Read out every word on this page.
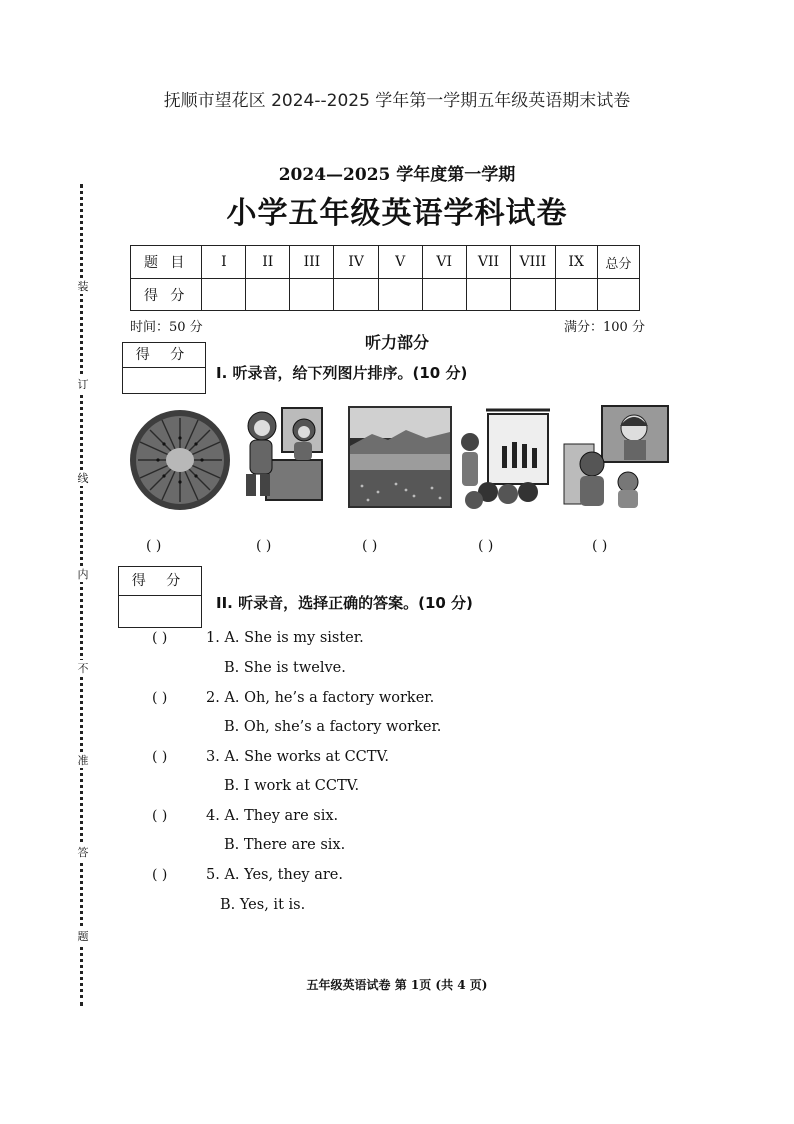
抚顺市望花区 2024--2025 学年第一学期五年级英语期末试卷
2024—2025 学年度第一学期
小学五年级英语学科试卷
装
订
线
内
不
准
答
题
题 目	I	II	III	IV	V	VI	VII	VIII	IX	总分
得 分										
时间：50 分	满分：100 分
听力部分
得 分
I. 听录音，给下列图片排序。(10 分)
( )	( )	( )	( )	( )
得 分
II. 听录音，选择正确的答案。(10 分)
( )	1. A. She is my sister.
B. She is twelve.
( )	2. A. Oh, he’s a factory worker.
B. Oh, she’s a factory worker.
( )	3. A. She works at CCTV.
B. I work at CCTV.
( )	4. A. They are six.
B. There are six.
( )	5. A. Yes, they are.
B. Yes, it is.
五年级英语试卷 第 1页 (共 4 页)
